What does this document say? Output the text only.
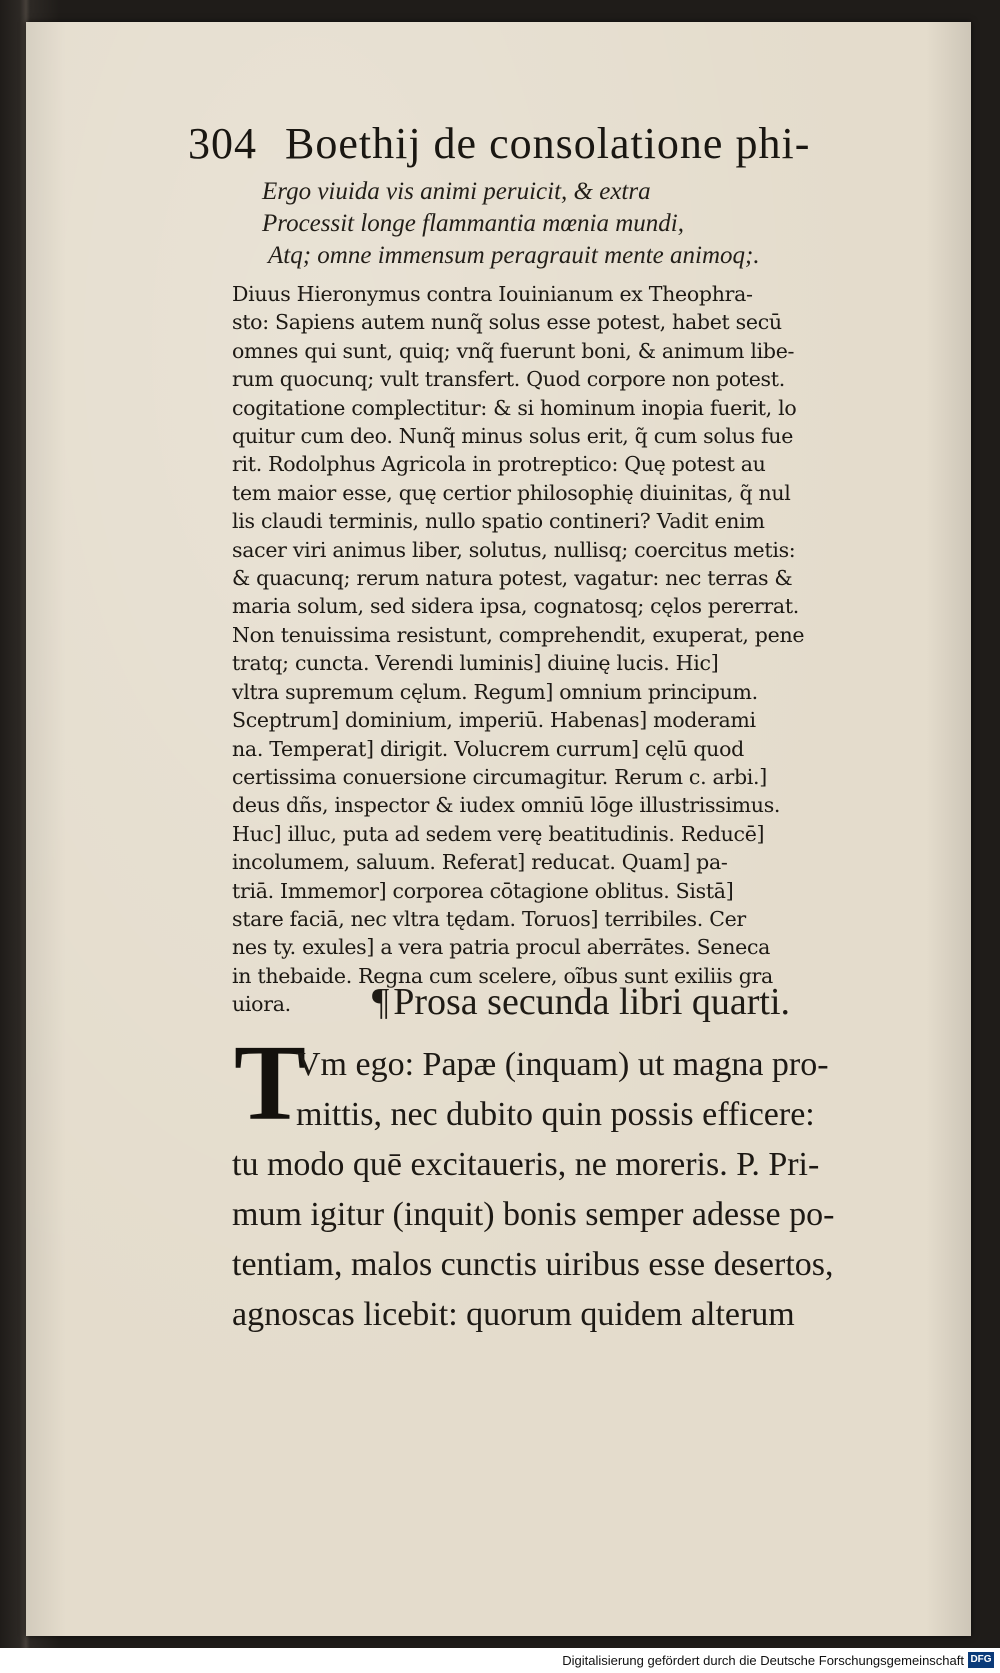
304 Boethij de consolatione phi-
Ergo viuida vis animi peruicit, & extra
Processit longe flammantia mœnia mundi,
Atq; omne immensum peragrauit mente animoq;.
Diuus Hieronymus contra Iouinianum ex Theophra-
sto: Sapiens autem nunq̃ solus esse potest, habet secū
omnes qui sunt, quiq; vnq̃ fuerunt boni, & animum libe-
rum quocunq; vult transfert. Quod corpore non potest.
cogitatione complectitur: & si hominum inopia fuerit, lo
quitur cum deo. Nunq̃ minus solus erit, q̃ cum solus fue
rit. Rodolphus Agricola in protreptico: Quę potest au
tem maior esse, quę certior philosophię diuinitas, q̃ nul
lis claudi terminis, nullo spatio contineri? Vadit enim
sacer viri animus liber, solutus, nullisq; coercitus metis:
& quacunq; rerum natura potest, vagatur: nec terras &
maria solum, sed sidera ipsa, cognatosq; cęlos pererrat.
Non tenuissima resistunt, comprehendit, exuperat, pene
tratq; cuncta. Verendi luminis] diuinę lucis. Hic]
vltra supremum cęlum. Regum] omnium principum.
Sceptrum] dominium, imperiū. Habenas] moderami
na. Temperat] dirigit. Volucrem currum] cęlū quod
certissima conuersione circumagitur. Rerum c. arbi.]
deus dñs, inspector & iudex omniū lōge illustrissimus.
Huc] illuc, puta ad sedem verę beatitudinis. Reducē]
incolumem, saluum. Referat] reducat. Quam] pa-
triā. Immemor] corporea cōtagione oblitus. Sistā]
stare faciā, nec vltra tędam. Toruos] terribiles. Cer
nes ty. exules] a vera patria procul aberrātes. Seneca
in thebaide. Regna cum scelere, oĩbus sunt exiliis gra
uiora.	¶ Prosa secunda libri quarti.
T
Vm ego: Papæ (inquam) ut magna pro-
mittis, nec dubito quin possis efficere:
tu modo quē excitaueris, ne moreris. P. Pri-
mum igitur (inquit) bonis semper adesse po-
tentiam, malos cunctis uiribus esse desertos,
agnoscas licebit: quorum quidem alterum
Digitalisierung gefördert durch die Deutsche Forschungsgemeinschaft DFG
